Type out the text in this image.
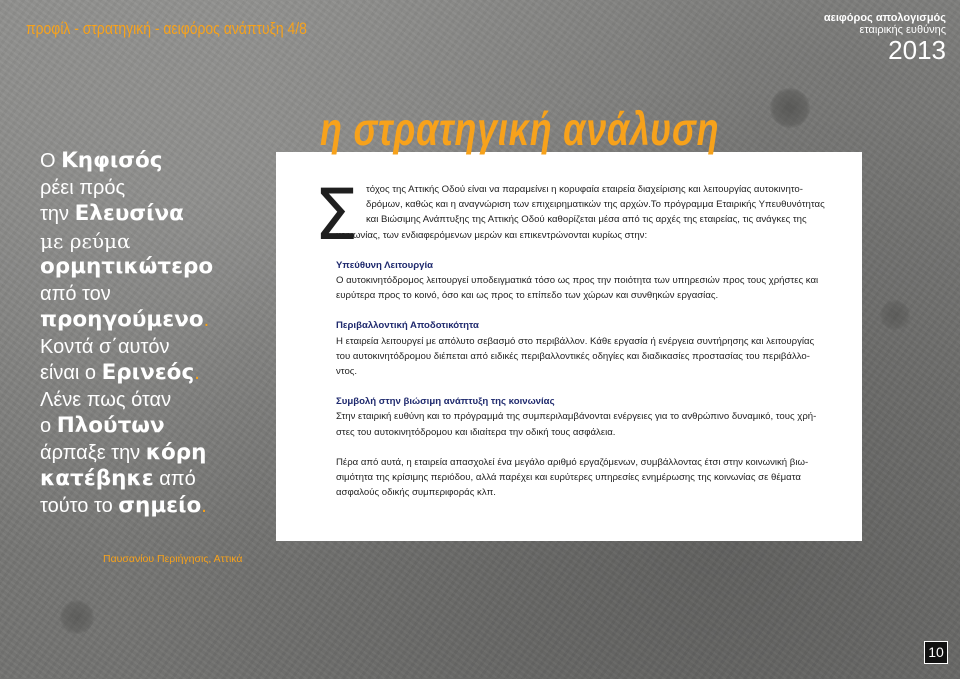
προφίλ - στρατηγική - αειφόρος ανάπτυξη 4/8
αειφόρος απολογισμός
εταιρικής ευθύνης
2013
Ο Κηφισός
ρέει πρός
την Ελευσίνα
με ρεύμα
ορμητικώτερο
από τον
προηγούμενο.
Κοντά σ΄αυτόν
είναι ο Ερινεός.
Λένε πως όταν
ο Πλούτων
άρπαξε την κόρη
κατέβηκε από
τούτο το σημείο.
Παυσανίου Περιήγησις, Αττικά
Σ τόχος της Αττικής Οδού είναι να παραμείνει η κορυφαία εταιρεία διαχείρισης και λειτουργίας αυτοκινητο-
δρόμων, καθώς και η αναγνώριση των επιχειρηματικών της αρχών.Το πρόγραμμα Εταιρικής Υπευθυνότητας
και Βιώσιμης Ανάπτυξης της Αττικής Οδού καθορίζεται μέσα από τις αρχές της εταιρείας, τις ανάγκες της
κοινωνίας, των ενδιαφερόμενων μερών και επικεντρώνονται κυρίως στην:

Υπεύθυνη Λειτουργία
Ο αυτοκινητόδρομος λειτουργεί υποδειγματικά τόσο ως προς την ποιότητα των υπηρεσιών προς τους χρήστες και
ευρύτερα προς το κοινό, όσο και ως προς το επίπεδο των χώρων και συνθηκών εργασίας.
Περιβαλλοντική Αποδοτικότητα
Η εταιρεία λειτουργεί με απόλυτο σεβασμό στο περιβάλλον. Κάθε εργασία ή ενέργεια συντήρησης και λειτουργίας
του αυτοκινητόδρομου διέπεται από ειδικές περιβαλλοντικές οδηγίες και διαδικασίες προστασίας του περιβάλλο-
ντος.
Συμβολή στην βιώσιμη ανάπτυξη της κοινωνίας
Στην εταιρική ευθύνη και το πρόγραμμά της συμπεριλαμβάνονται ενέργειες για το ανθρώπινο δυναμικό, τους χρή-
στες του αυτοκινητόδρομου και ιδιαίτερα την οδική τους ασφάλεια.
Πέρα από αυτά, η εταιρεία απασχολεί ένα μεγάλο αριθμό εργαζόμενων, συμβάλλοντας έτσι στην κοινωνική βιω-
σιμότητα της κρίσιμης περιόδου, αλλά παρέχει και ευρύτερες υπηρεσίες ενημέρωσης της κοινωνίας σε θέματα
ασφαλούς οδικής συμπεριφοράς κλπ.
η στρατηγική ανάλυση
10
